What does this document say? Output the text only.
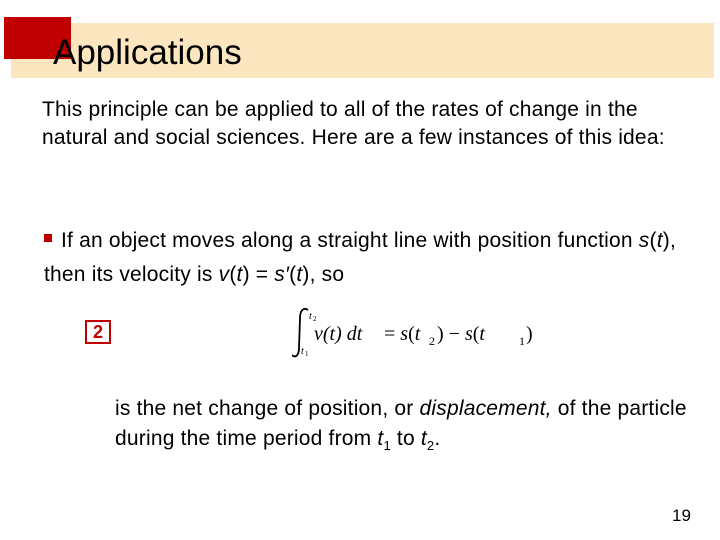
Applications
This principle can be applied to all of the rates of change in the natural and social sciences. Here are a few instances of this idea:
If an object moves along a straight line with position function s(t), then its velocity is v(t) = s′(t), so
2
t 2
t 1
v(t) dt = s(t 2 ) − s(t	1 )
is the net change of position, or displacement, of the particle during the time period from $t_1$ to $t_2$.
19
